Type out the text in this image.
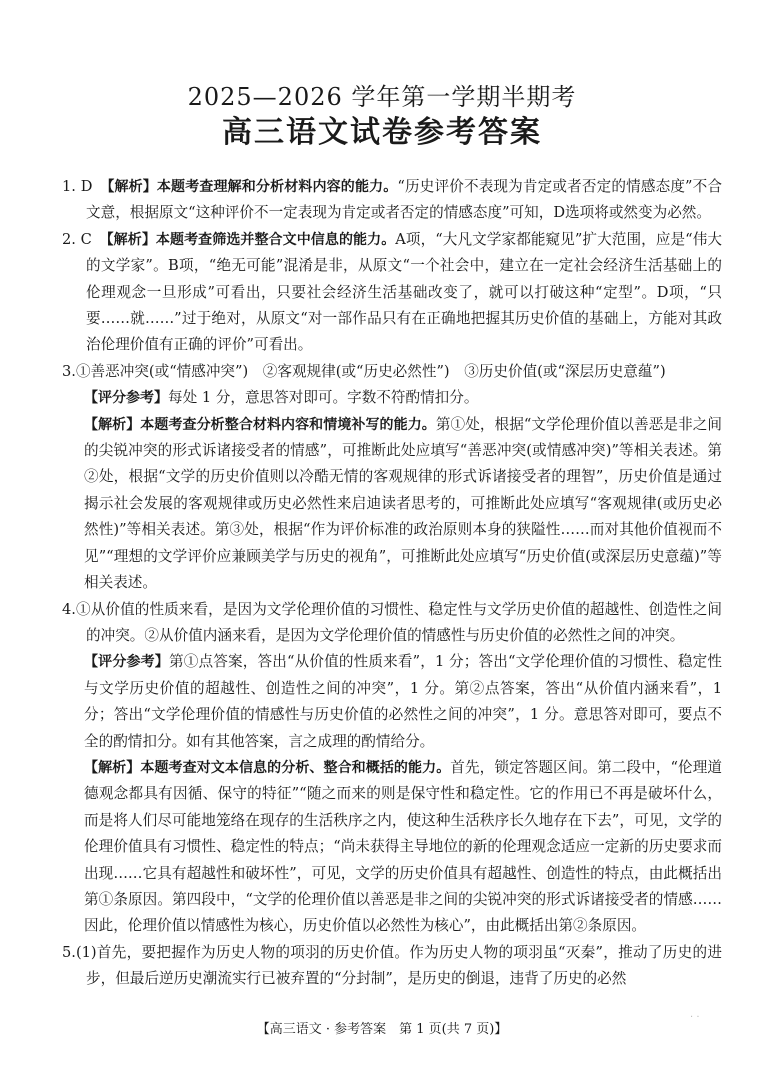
2025—2026 学年第一学期半期考
高三语文试卷参考答案

1. D　 【解析】本题考查理解和分析材料内容的能力。“历史评价不表现为肯定或者否定的情感态度”不合文意，根据原文“这种评价不一定表现为肯定或者否定的情感态度”可知，D选项将或然变为必然。

2. C　 【解析】本题考查筛选并整合文中信息的能力。A项，“大凡文学家都能窥见”扩大范围，应是“伟大的文学家”。B项，“绝无可能”混淆是非，从原文“一个社会中，建立在一定社会经济生活基础上的伦理观念一旦形成”可看出，只要社会经济生活基础改变了，就可以打破这种“定型”。D项，“只要……就……”过于绝对，从原文“对一部作品只有在正确地把握其历史价值的基础上，方能对其政治伦理价值有正确的评价”可看出。

3.①善恶冲突(或“情感冲突”)　②客观规律(或“历史必然性”)　③历史价值(或“深层历史意蕴”)

【评分参考】每处 1 分，意思答对即可。字数不符酌情扣分。

【解析】本题考查分析整合材料内容和情境补写的能力。第①处，根据“文学伦理价值以善恶是非之间的尖锐冲突的形式诉诸接受者的情感”，可推断此处应填写“善恶冲突(或情感冲突)”等相关表述。第②处，根据“文学的历史价值则以冷酷无情的客观规律的形式诉诸接受者的理智”，历史价值是通过揭示社会发展的客观规律或历史必然性来启迪读者思考的，可推断此处应填写“客观规律(或历史必然性)”等相关表述。第③处，根据“作为评价标准的政治原则本身的狭隘性……而对其他价值视而不见”“理想的文学评价应兼顾美学与历史的视角”，可推断此处应填写“历史价值(或深层历史意蕴)”等相关表述。

4.①从价值的性质来看，是因为文学伦理价值的习惯性、稳定性与文学历史价值的超越性、创造性之间的冲突。②从价值内涵来看，是因为文学伦理价值的情感性与历史价值的必然性之间的冲突。

【评分参考】第①点答案，答出“从价值的性质来看”，1 分；答出“文学伦理价值的习惯性、稳定性与文学历史价值的超越性、创造性之间的冲突”，1 分。第②点答案，答出“从价值内涵来看”，1 分；答出“文学伦理价值的情感性与历史价值的必然性之间的冲突”，1 分。意思答对即可，要点不全的酌情扣分。如有其他答案，言之成理的酌情给分。

【解析】本题考查对文本信息的分析、整合和概括的能力。首先，锁定答题区间。第二段中，“伦理道德观念都具有因循、保守的特征”“随之而来的则是保守性和稳定性。它的作用已不再是破坏什么，而是将人们尽可能地笼络在现存的生活秩序之内，使这种生活秩序长久地存在下去”，可见，文学的伦理价值具有习惯性、稳定性的特点；“尚未获得主导地位的新的伦理观念适应一定新的历史要求而出现……它具有超越性和破坏性”，可见，文学的历史价值具有超越性、创造性的特点，由此概括出第①条原因。第四段中，“文学的伦理价值以善恶是非之间的尖锐冲突的形式诉诸接受者的情感……因此，伦理价值以情感性为核心，历史价值以必然性为核心”，由此概括出第②条原因。

5.(1)首先，要把握作为历史人物的项羽的历史价值。作为历史人物的项羽虽“灭秦”，推动了历史的进步，但最后逆历史潮流实行已被弃置的“分封制”，是历史的倒退，违背了历史的必然

【高三语文 · 参考答案　第 1 页(共 7 页)】
· ·
